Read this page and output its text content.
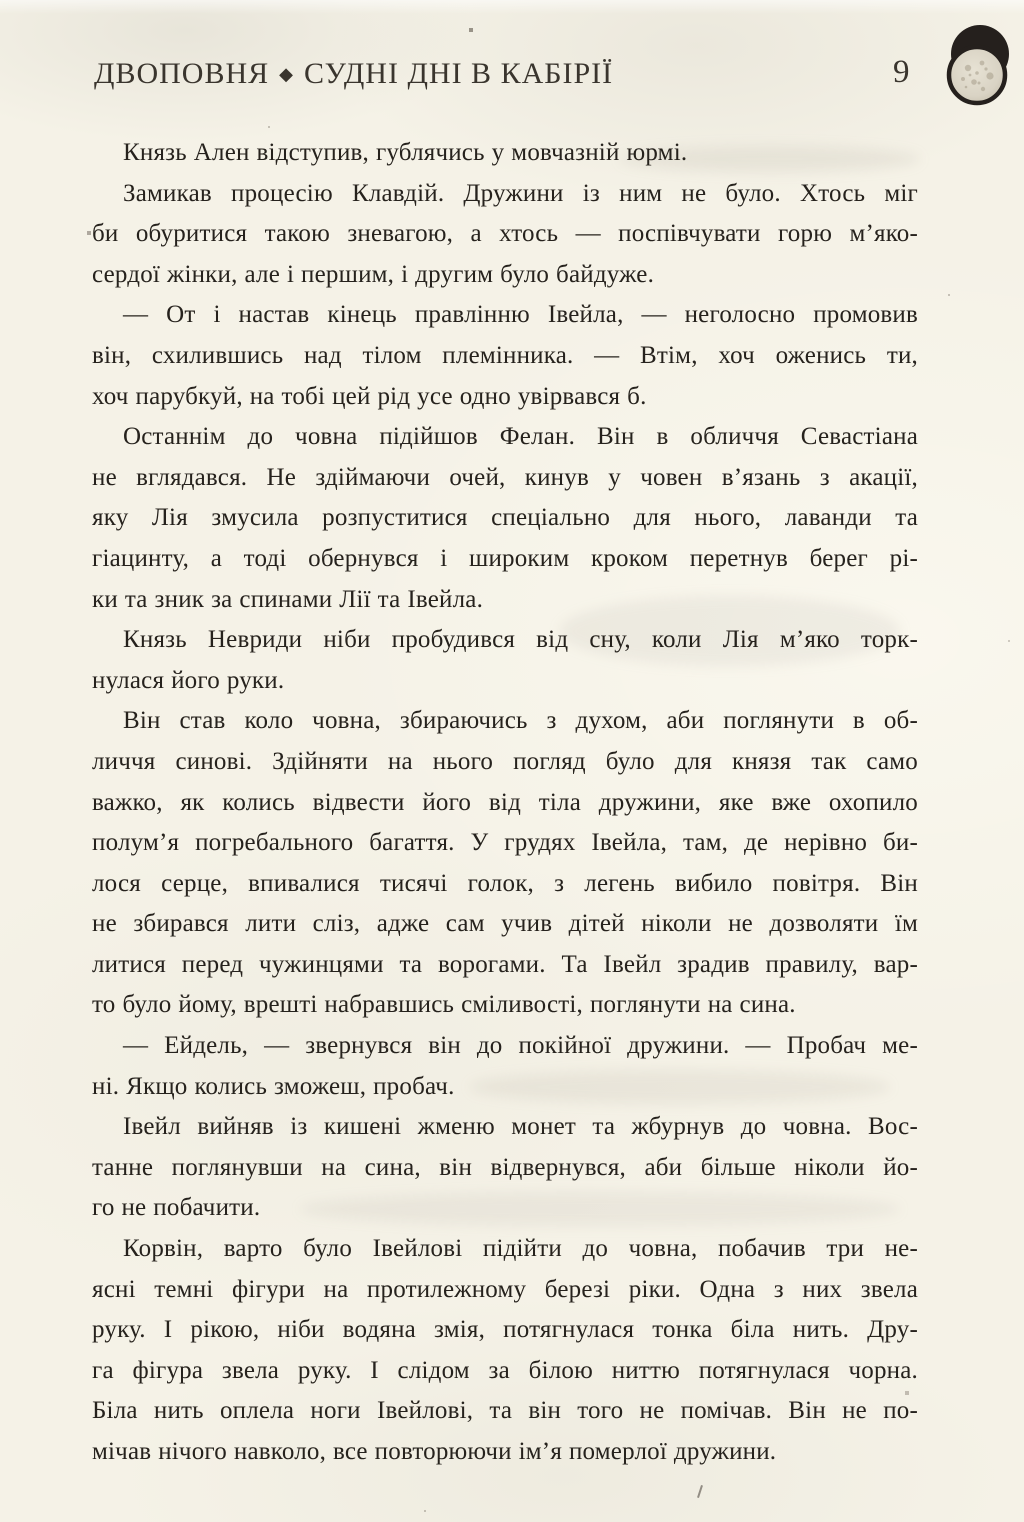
ДВОПОВНЯ ◆ СУДНІ ДНІ В КАБІРІЇ	9

Князь Ален відступив, гублячись у мовчазній юрмі.

Замикав процесію Клавдій. Дружини із ним не було. Хтось міг
би обуритися такою зневагою, а хтось — поспівчувати горю м’яко-
сердої жінки, але і першим, і другим було байдуже.

— От і настав кінець правлінню Івейла, — неголосно промовив
він, схилившись над тілом племінника. — Втім, хоч оженись ти,
хоч парубкуй, на тобі цей рід усе одно увірвався б.

Останнім до човна підійшов Фелан. Він в обличчя Севастіана
не вглядався. Не здіймаючи очей, кинув у човен в’язань з акації,
яку Лія змусила розпуститися спеціально для нього, лаванди та
гіацинту, а тоді обернувся і широким кроком перетнув берег рі-
ки та зник за спинами Лії та Івейла.

Князь Невриди ніби пробудився від сну, коли Лія м’яко торк-
нулася його руки.

Він став коло човна, збираючись з духом, аби поглянути в об-
личчя синові. Здійняти на нього погляд було для князя так само
важко, як колись відвести його від тіла дружини, яке вже охопило
полум’я погребального багаття. У грудях Івейла, там, де нерівно би-
лося серце, впивалися тисячі голок, з легень вибило повітря. Він
не збирався лити сліз, адже сам учив дітей ніколи не дозволяти їм
литися перед чужинцями та ворогами. Та Івейл зрадив правилу, вар-
то було йому, врешті набравшись сміливості, поглянути на сина.

— Ейдель, — звернувся він до покійної дружини. — Пробач ме-
ні. Якщо колись зможеш, пробач.

Івейл вийняв із кишені жменю монет та жбурнув до човна. Вос-
танне поглянувши на сина, він відвернувся, аби більше ніколи йо-
го не побачити.

Корвін, варто було Івейлові підійти до човна, побачив три не-
ясні темні фігури на протилежному березі ріки. Одна з них звела
руку. І рікою, ніби водяна змія, потягнулася тонка біла нить. Дру-
га фігура звела руку. І слідом за білою ниттю потягнулася чорна.
Біла нить оплела ноги Івейлові, та він того не помічав. Він не по-
мічав нічого навколо, все повторюючи ім’я померлої дружини.
